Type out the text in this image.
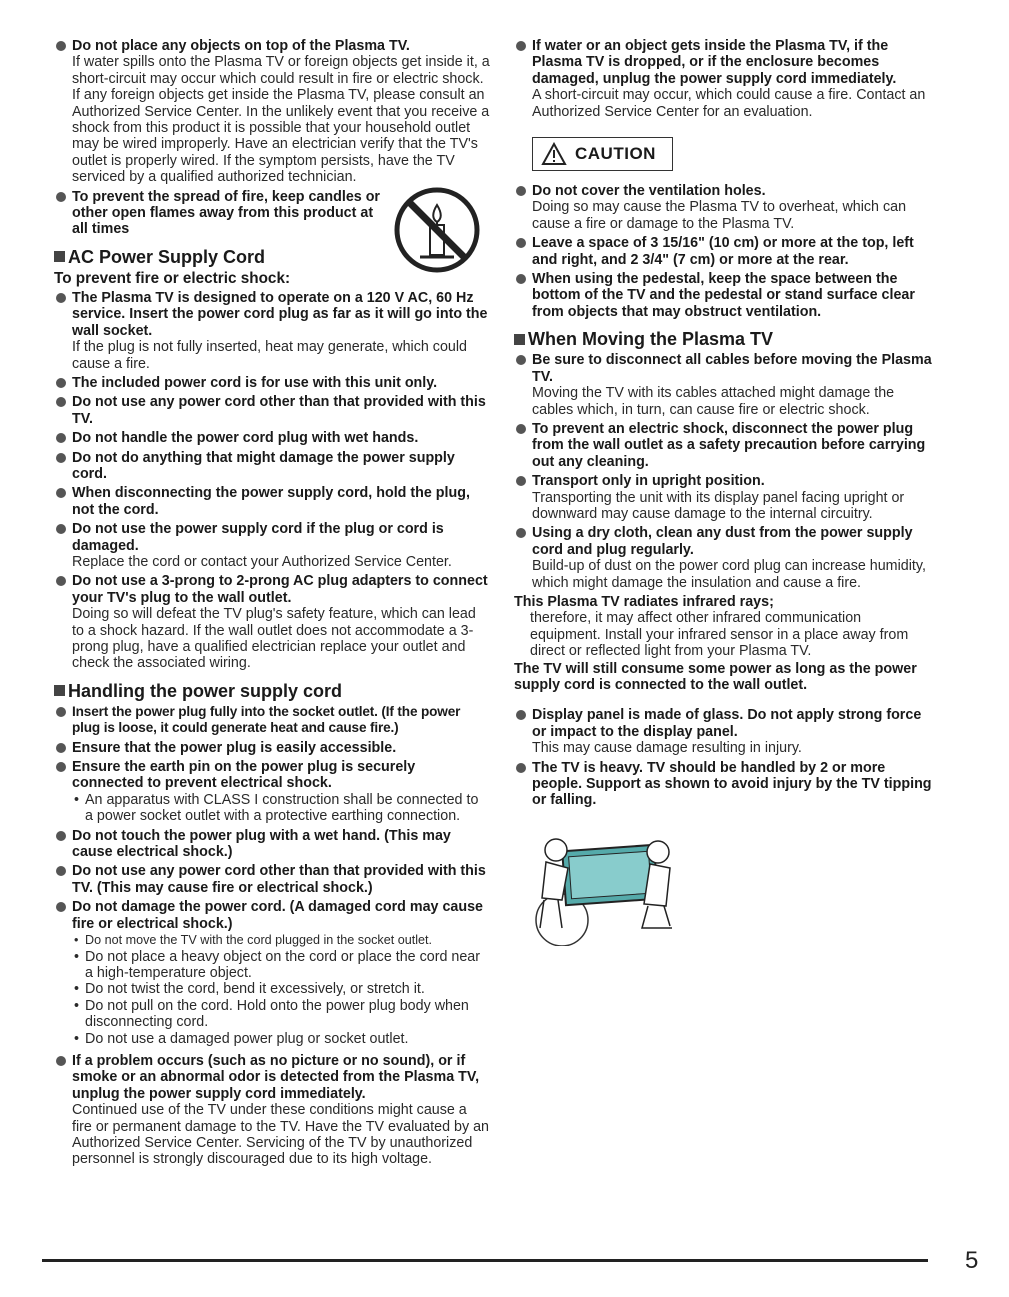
Do not place any objects on top of the Plasma TV.
If water spills onto the Plasma TV or foreign objects get inside it, a short-circuit may occur which could result in fire or electric shock. If any foreign objects get inside the Plasma TV, please consult an Authorized Service Center. In the unlikely event that you receive a shock from this product it is possible that your household outlet may be wired improperly. Have an electrician verify that the TV's outlet is properly wired. If the symptom persists, have the TV serviced by a qualified authorized technician.
To prevent the spread of fire, keep candles or other open flames away from this product at all times
AC Power Supply Cord
To prevent fire or electric shock:
The Plasma TV is designed to operate on a 120 V AC, 60 Hz service. Insert the power cord plug as far as it will go into the wall socket.
If the plug is not fully inserted, heat may generate, which could cause a fire.
The included power cord is for use with this unit only.
Do not use any power cord other than that provided with this TV.
Do not handle the power cord plug with wet hands.
Do not do anything that might damage the power supply cord.
When disconnecting the power supply cord, hold the plug, not the cord.
Do not use the power supply cord if the plug or cord is damaged.
Replace the cord or contact your Authorized Service Center.
Do not use a 3-prong to 2-prong AC plug adapters to connect your TV's plug to the wall outlet.
Doing so will defeat the TV plug's safety feature, which can lead to a shock hazard. If the wall outlet does not accommodate a 3-prong plug, have a qualified electrician replace your outlet and check the associated wiring.
Handling the power supply cord
Insert the power plug fully into the socket outlet. (If the power plug is loose, it could generate heat and cause fire.)
Ensure that the power plug is easily accessible.
Ensure the earth pin on the power plug is securely connected to prevent electrical shock.
• An apparatus with CLASS I construction shall be connected to a power socket outlet with a protective earthing connection.
Do not touch the power plug with a wet hand. (This may cause electrical shock.)
Do not use any power cord other than that provided with this TV. (This may cause fire or electrical shock.)
Do not damage the power cord. (A damaged cord may cause fire or electrical shock.)
• Do not move the TV with the cord plugged in the socket outlet.
• Do not place a heavy object on the cord or place the cord near a high-temperature object.
• Do not twist the cord, bend it excessively, or stretch it.
• Do not pull on the cord. Hold onto the power plug body when disconnecting cord.
• Do not use a damaged power plug or socket outlet.
If a problem occurs (such as no picture or no sound), or if smoke or an abnormal odor is detected from the Plasma TV, unplug the power supply cord immediately.
Continued use of the TV under these conditions might cause a fire or permanent damage to the TV. Have the TV evaluated by an Authorized Service Center. Servicing of the TV by unauthorized personnel is strongly discouraged due to its high voltage.
If water or an object gets inside the Plasma TV, if the Plasma TV is dropped, or if the enclosure becomes damaged, unplug the power supply cord immediately.
A short-circuit may occur, which could cause a fire. Contact an Authorized Service Center for an evaluation.
CAUTION
Do not cover the ventilation holes.
Doing so may cause the Plasma TV to overheat, which can cause a fire or damage to the Plasma TV.
Leave a space of 3 15/16" (10 cm) or more at the top, left and right, and 2 3/4" (7 cm) or more at the rear.
When using the pedestal, keep the space between the bottom of the TV and the pedestal or stand surface clear from objects that may obstruct ventilation.
When Moving the Plasma TV
Be sure to disconnect all cables before moving the Plasma TV.
Moving the TV with its cables attached might damage the cables which, in turn, can cause fire or electric shock.
To prevent an electric shock, disconnect the power plug from the wall outlet as a safety precaution before carrying out any cleaning.
Transport only in upright position.
Transporting the unit with its display panel facing upright or downward may cause damage to the internal circuitry.
Using a dry cloth, clean any dust from the power supply cord and plug regularly.
Build-up of dust on the power cord plug can increase humidity, which might damage the insulation and cause a fire.
This Plasma TV radiates infrared rays;
therefore, it may affect other infrared communication equipment. Install your infrared sensor in a place away from direct or reflected light from your Plasma TV.
The TV will still consume some power as long as the power supply cord is connected to the wall outlet.
Display panel is made of glass. Do not apply strong force or impact to the display panel.
This may cause damage resulting in injury.
The TV is heavy. TV should be handled by 2 or more people. Support as shown to avoid injury by the TV tipping or falling.
5
